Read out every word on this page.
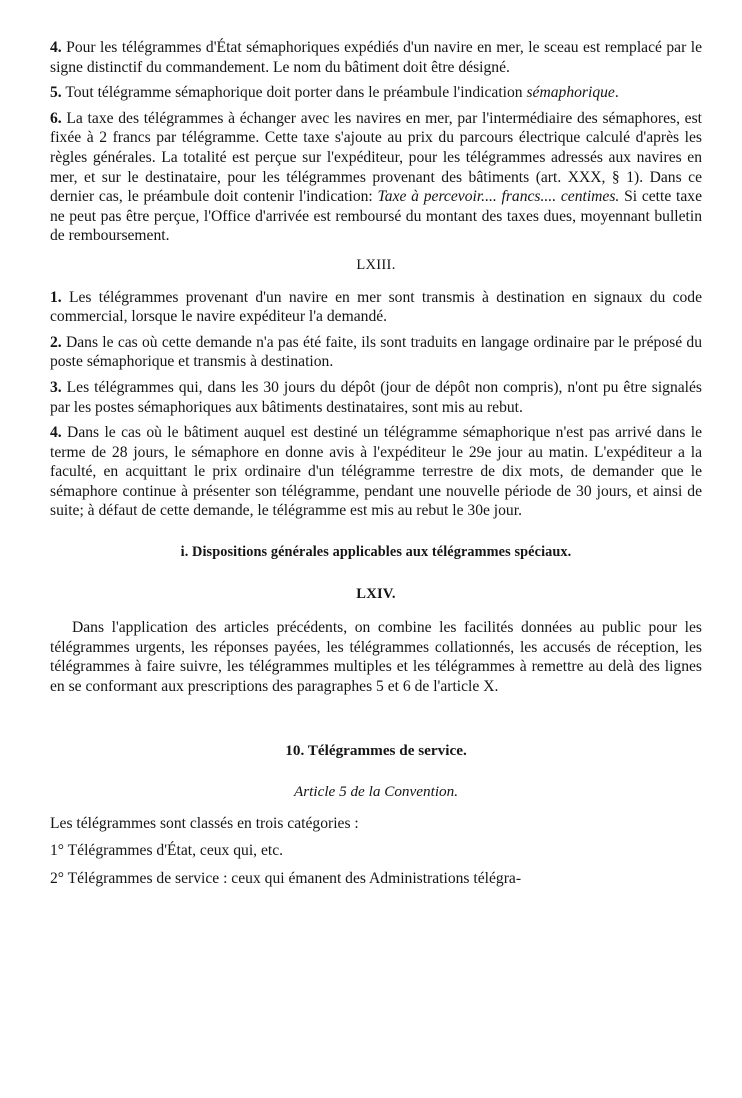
4. Pour les télégrammes d'État sémaphoriques expédiés d'un navire en mer, le sceau est remplacé par le signe distinctif du commandement. Le nom du bâtiment doit être désigné.

5. Tout télégramme sémaphorique doit porter dans le préambule l'indication sémaphorique.

6. La taxe des télégrammes à échanger avec les navires en mer, par l'intermédiaire des sémaphores, est fixée à 2 francs par télégramme. Cette taxe s'ajoute au prix du parcours électrique calculé d'après les règles générales. La totalité est perçue sur l'expéditeur, pour les télégrammes adressés aux navires en mer, et sur le destinataire, pour les télégrammes provenant des bâtiments (art. XXX, § 1). Dans ce dernier cas, le préambule doit contenir l'indication: Taxe à percevoir.... francs.... centimes. Si cette taxe ne peut pas être perçue, l'Office d'arrivée est remboursé du montant des taxes dues, moyennant bulletin de remboursement.

LXIII.

1. Les télégrammes provenant d'un navire en mer sont transmis à destination en signaux du code commercial, lorsque le navire expéditeur l'a demandé.

2. Dans le cas où cette demande n'a pas été faite, ils sont traduits en langage ordinaire par le préposé du poste sémaphorique et transmis à destination.

3. Les télégrammes qui, dans les 30 jours du dépôt (jour de dépôt non compris), n'ont pu être signalés par les postes sémaphoriques aux bâtiments destinataires, sont mis au rebut.

4. Dans le cas où le bâtiment auquel est destiné un télégramme sémaphorique n'est pas arrivé dans le terme de 28 jours, le sémaphore en donne avis à l'expéditeur le 29e jour au matin. L'expéditeur a la faculté, en acquittant le prix ordinaire d'un télégramme terrestre de dix mots, de demander que le sémaphore continue à présenter son télégramme, pendant une nouvelle période de 30 jours, et ainsi de suite; à défaut de cette demande, le télégramme est mis au rebut le 30e jour.

i. Dispositions générales applicables aux télégrammes spéciaux.
LXIV.

Dans l'application des articles précédents, on combine les facilités données au public pour les télégrammes urgents, les réponses payées, les télégrammes collationnés, les accusés de réception, les télégrammes à faire suivre, les télégrammes multiples et les télégrammes à remettre au delà des lignes en se conformant aux prescriptions des paragraphes 5 et 6 de l'article X.

10. Télégrammes de service.
Article 5 de la Convention.

Les télégrammes sont classés en trois catégories :

1° Télégrammes d'État, ceux qui, etc.

2° Télégrammes de service : ceux qui émanent des Administrations télégra-
